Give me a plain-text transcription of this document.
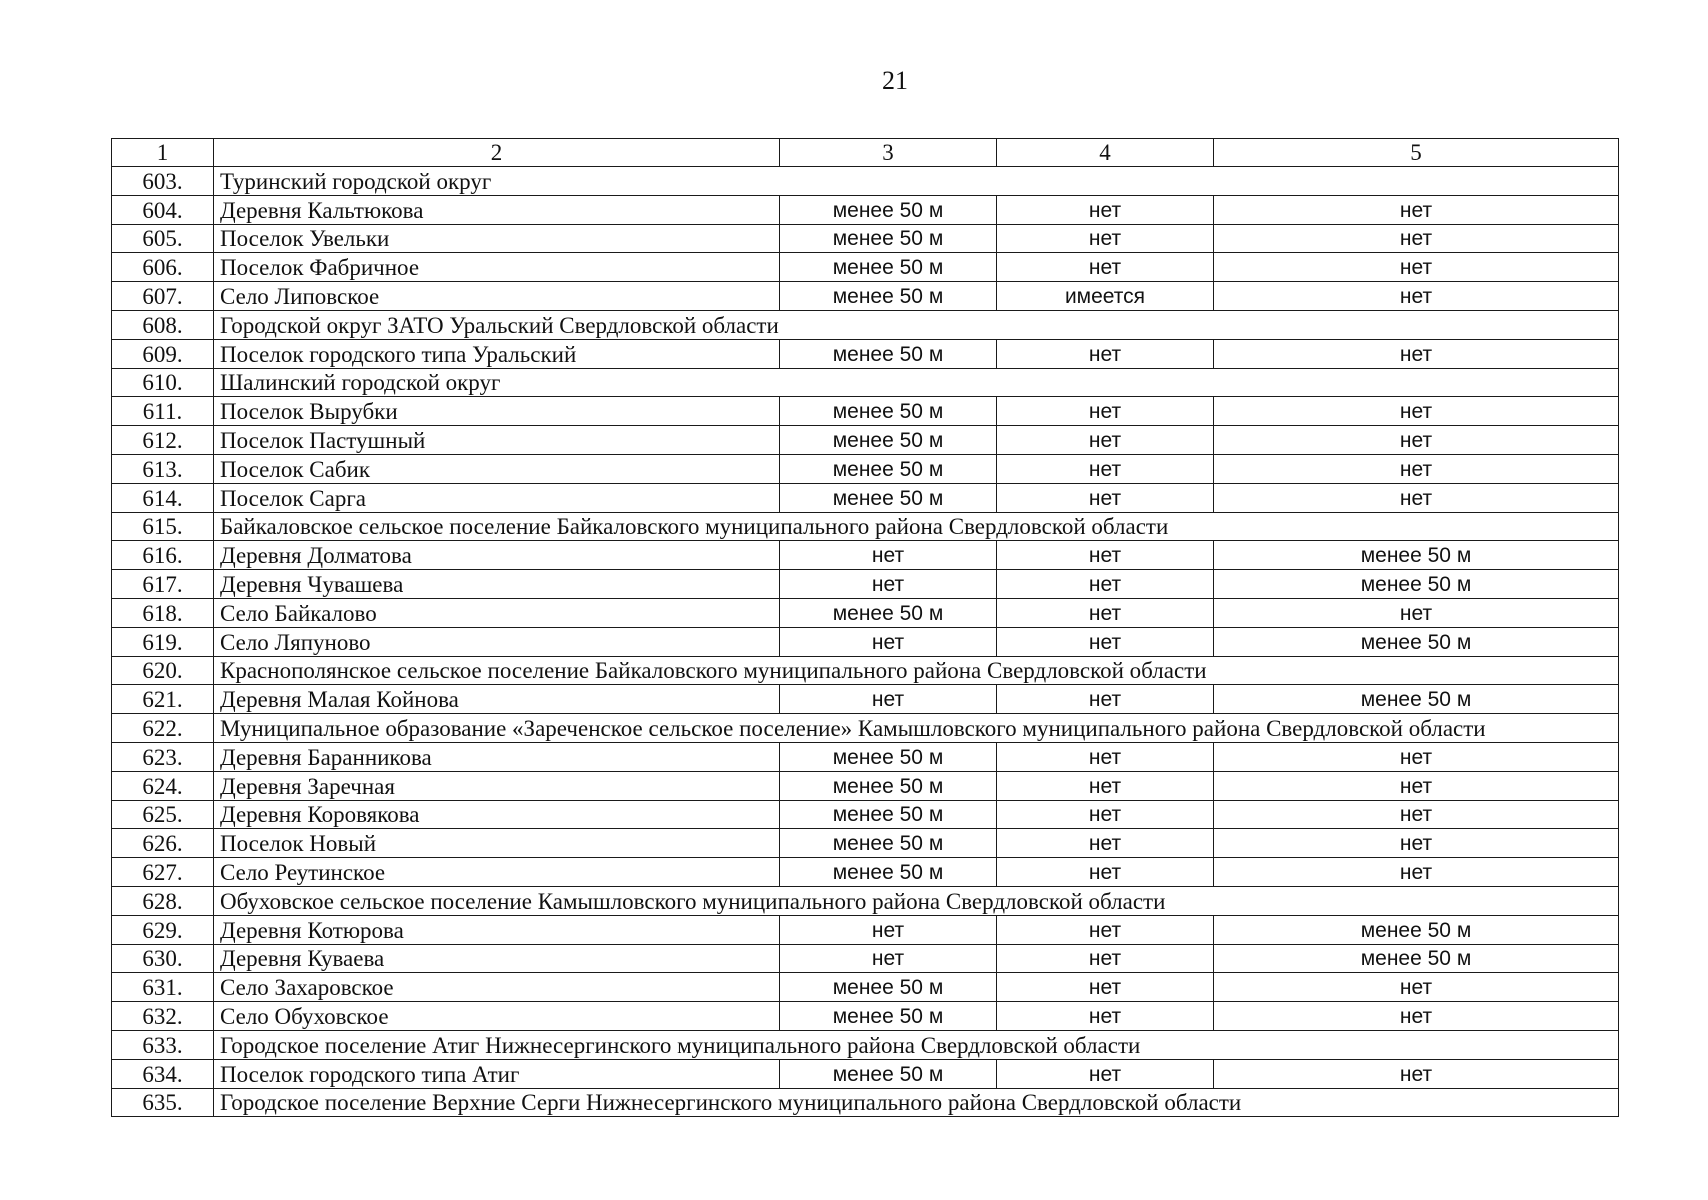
21
1	2	3	4	5
603.	Туринский городской округ			
604.	Деревня Кальтюкова	менее 50 м	нет	нет
605.	Поселок Увельки	менее 50 м	нет	нет
606.	Поселок Фабричное	менее 50 м	нет	нет
607.	Село Липовское	менее 50 м	имеется	нет
608.	Городской округ ЗАТО Уральский Свердловской области			
609.	Поселок городского типа Уральский	менее 50 м	нет	нет
610.	Шалинский городской округ			
611.	Поселок Вырубки	менее 50 м	нет	нет
612.	Поселок Пастушный	менее 50 м	нет	нет
613.	Поселок Сабик	менее 50 м	нет	нет
614.	Поселок Сарга	менее 50 м	нет	нет
615.	Байкаловское сельское поселение Байкаловского муниципального района Свердловской области			
616.	Деревня Долматова	нет	нет	менее 50 м
617.	Деревня Чувашева	нет	нет	менее 50 м
618.	Село Байкалово	менее 50 м	нет	нет
619.	Село Ляпуново	нет	нет	менее 50 м
620.	Краснополянское сельское поселение Байкаловского муниципального района Свердловской области			
621.	Деревня Малая Койнова	нет	нет	менее 50 м
622.	Муниципальное образование «Зареченское сельское поселение» Камышловского муниципального района Свердловской области			
623.	Деревня Баранникова	менее 50 м	нет	нет
624.	Деревня Заречная	менее 50 м	нет	нет
625.	Деревня Коровякова	менее 50 м	нет	нет
626.	Поселок Новый	менее 50 м	нет	нет
627.	Село Реутинское	менее 50 м	нет	нет
628.	Обуховское сельское поселение Камышловского муниципального района Свердловской области			
629.	Деревня Котюрова	нет	нет	менее 50 м
630.	Деревня Куваева	нет	нет	менее 50 м
631.	Село Захаровское	менее 50 м	нет	нет
632.	Село Обуховское	менее 50 м	нет	нет
633.	Городское поселение Атиг Нижнесергинского муниципального района Свердловской области			
634.	Поселок городского типа Атиг	менее 50 м	нет	нет
635.	Городское поселение Верхние Серги Нижнесергинского муниципального района Свердловской области			
